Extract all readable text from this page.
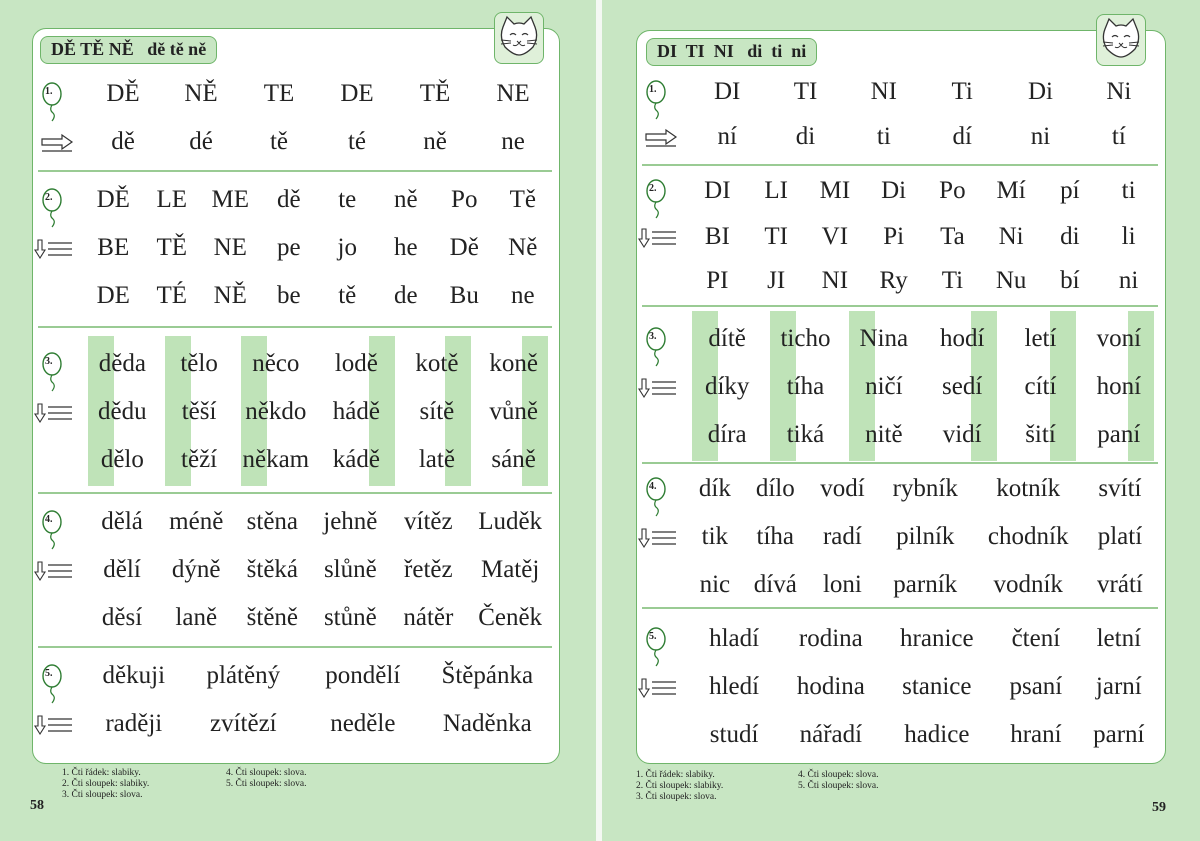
DĚ TĚ NĚ   dě tě ně
1.	DĚ	NĚ	TE	DE	TĚ	NE
dě	dé	tě	té	ně	ne
2.	DĚ	LE ME	dě	te	ně	Po	Tě
BE	TĚ	NE	pe	jo	he	Dě	Ně
DE	TÉ	NĚ	be	tě	de	Bu	ne
3.	děda	tělo	něco	lodě	kotě	koně
dědu	těší	někdo	hádě	sítě	vůně
dělo	těží	někam kádě	latě	sáně
4.	dělá	méně stěna	jehně	vítěz	Luděk
dělí	dýně	štěká	slůně	řetěz	Matěj
děsí	laně	štěně	stůně	nátěr Čeněk
5.	děkuji	plátěný	pondělí	Štěpánka
raději	zvítězí	neděle	Naděnka
1. Čti řádek: slabiky.
2. Čti sloupek: slabiky.
3. Čti sloupek: slova.
4. Čti sloupek: slova.
5. Čti sloupek: slova.
58
DI  TI  NI   di  ti  ni
1.	DI	TI	NI	Ti	Di	Ni
ní	di	ti	dí	ni	tí
2.	DI	LI	MI	Di	Po	Mí	pí	ti
BI	TI	VI	Pi	Ta	Ni	di	li
PI	JI	NI	Ry	Ti	Nu	bí	ni
3.	dítě	ticho	Nina	hodí	letí	voní
díky	tíha	ničí	sedí	cítí	honí
díra	tiká	nitě	vidí	šití	paní
4.	dík dílo	vodí	rybník	kotník	svítí
tik	tíha	radí	pilník	chodník	platí
nic dívá	loni	parník	vodník	vrátí
5.	hladí	rodina	hranice	čtení	letní
hledí	hodina	stanice	psaní	jarní
studí	nářadí	hadice	hraní	parní
1. Čti řádek: slabiky.
2. Čti sloupek: slabiky.
3. Čti sloupek: slova.
4. Čti sloupek: slova.
5. Čti sloupek: slova.
59
